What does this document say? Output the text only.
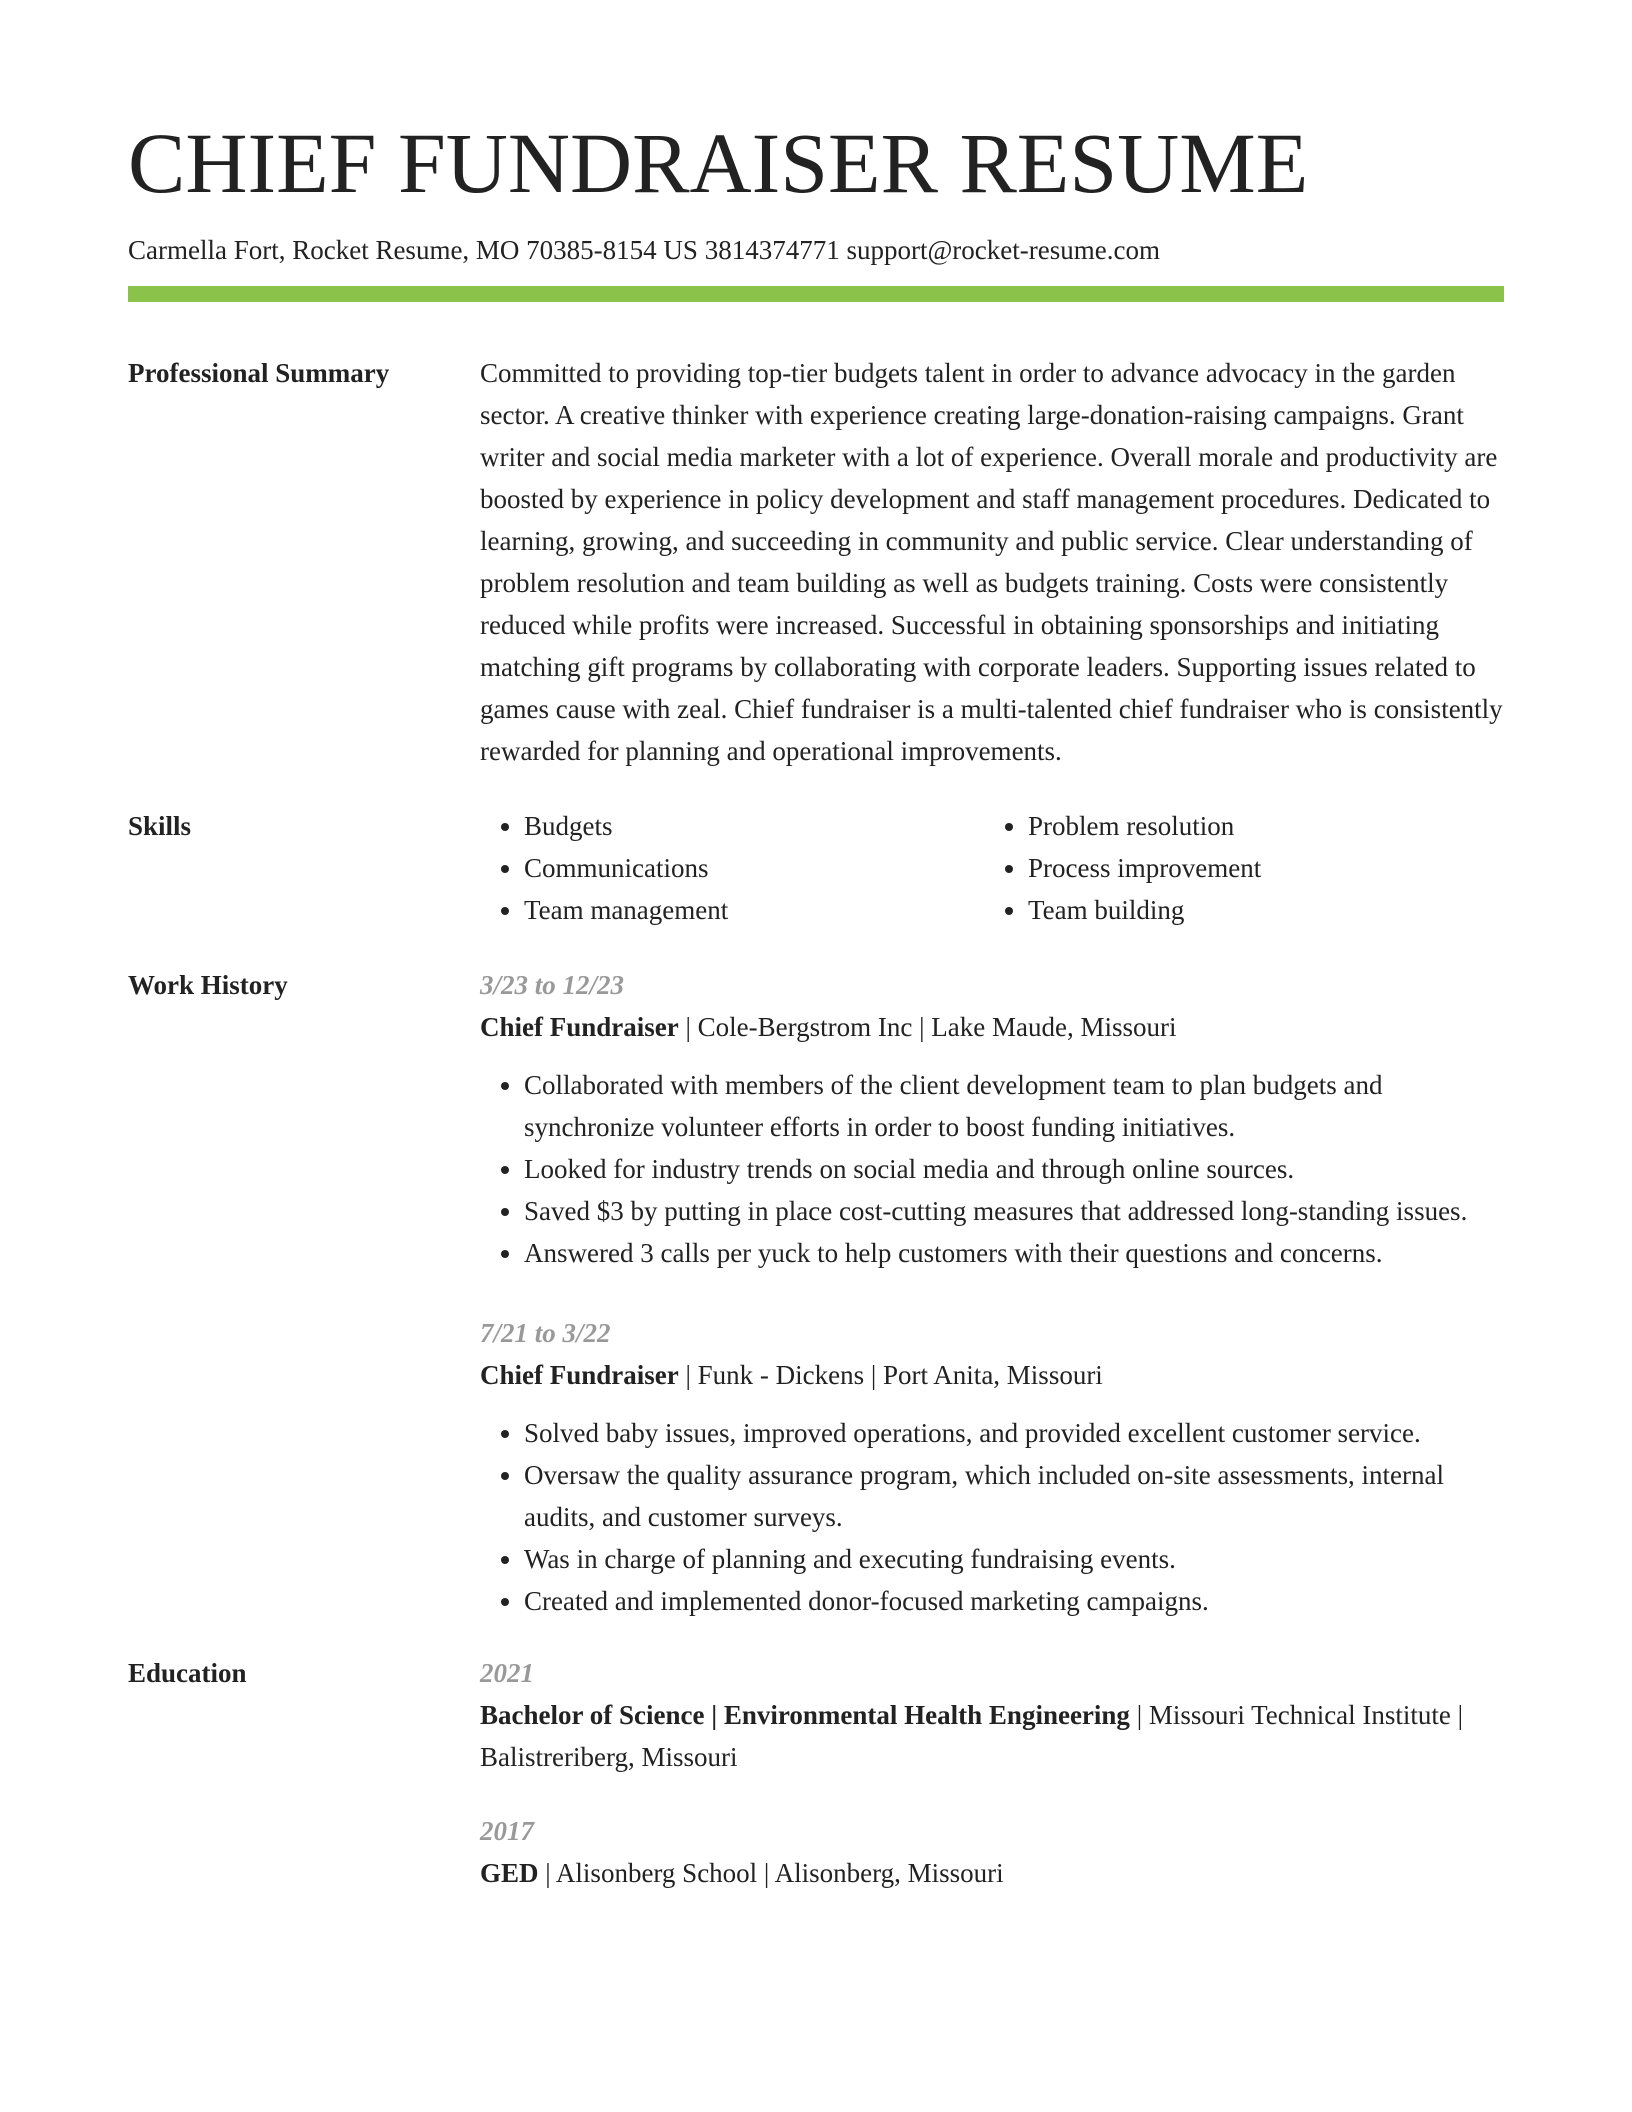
CHIEF FUNDRAISER RESUME
Carmella Fort, Rocket Resume, MO 70385-8154 US 3814374771 support@rocket-resume.com
Professional Summary	Committed to providing top-tier budgets talent in order to advance advocacy in the garden sector. A creative thinker with experience creating large-donation-raising campaigns. Grant writer and social media marketer with a lot of experience. Overall morale and productivity are boosted by experience in policy development and staff management procedures. Dedicated to learning, growing, and succeeding in community and public service. Clear understanding of problem resolution and team building as well as budgets training. Costs were consistently reduced while profits were increased. Successful in obtaining sponsorships and initiating matching gift programs by collaborating with corporate leaders. Supporting issues related to games cause with zeal. Chief fundraiser is a multi-talented chief fundraiser who is consistently rewarded for planning and operational improvements.
Skills
•	Budgets
• Communications
• Team management
• Problem resolution
• Process improvement
• Team building
Work History	3/23 to 12/23
Chief Fundraiser | Cole-Bergstrom Inc | Lake Maude, Missouri
• Collaborated with members of the client development team to plan budgets and synchronize volunteer efforts in order to boost funding initiatives.
• Looked for industry trends on social media and through online sources.
• Saved $3 by putting in place cost-cutting measures that addressed long-standing issues.
• Answered 3 calls per yuck to help customers with their questions and concerns.
7/21 to 3/22
Chief Fundraiser | Funk - Dickens | Port Anita, Missouri
• Solved baby issues, improved operations, and provided excellent customer service.
• Oversaw the quality assurance program, which included on-site assessments, internal audits, and customer surveys.
• Was in charge of planning and executing fundraising events.
• Created and implemented donor-focused marketing campaigns.
Education	2021
Bachelor of Science | Environmental Health Engineering | Missouri Technical Institute | Balistreriberg, Missouri
2017
GED | Alisonberg School | Alisonberg, Missouri
